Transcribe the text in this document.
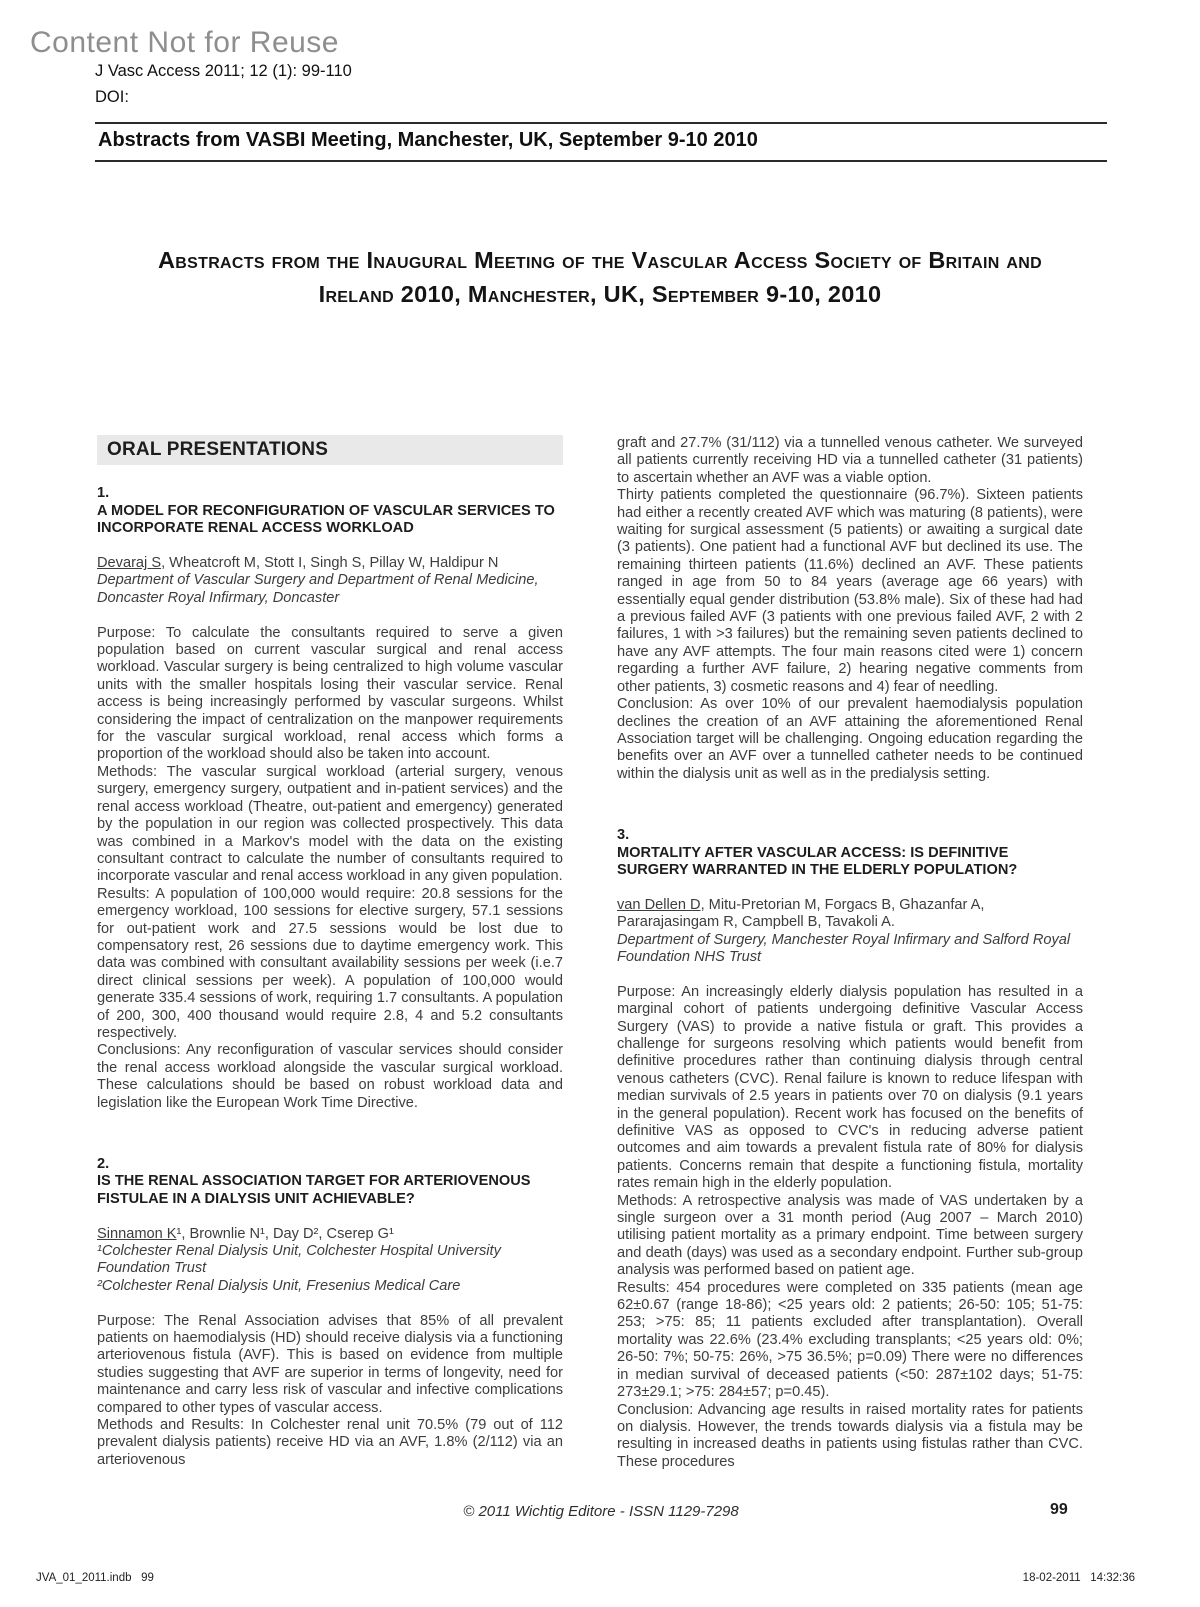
Content Not for Reuse
J Vasc Access 2011; 12 (1): 99-110
DOI:
Abstracts from VASBI Meeting, Manchester, UK, September 9-10 2010
Abstracts from the Inaugural Meeting of the Vascular Access Society of Britain and
Ireland 2010, Manchester, UK, September 9-10, 2010
ORAL PRESENTATIONS
1.
A MODEL FOR RECONFIGURATION OF VASCULAR SERVICES TO INCORPORATE RENAL ACCESS WORKLOAD
Devaraj S, Wheatcroft M, Stott I, Singh S, Pillay W, Haldipur N
Department of Vascular Surgery and Department of Renal Medicine, Doncaster Royal Infirmary, Doncaster

Purpose: To calculate the consultants required to serve a given population based on current vascular surgical and renal access workload. Vascular surgery is being centralized to high volume vascular units with the smaller hospitals losing their vascular service. Renal access is being increasingly performed by vascular surgeons. Whilst considering the impact of centralization on the manpower requirements for the vascular surgical workload, renal access which forms a proportion of the workload should also be taken into account.

Methods: The vascular surgical workload (arterial surgery, venous surgery, emergency surgery, outpatient and in-patient services) and the renal access workload (Theatre, out-patient and emergency) generated by the population in our region was collected prospectively. This data was combined in a Markov's model with the data on the existing consultant contract to calculate the number of consultants required to incorporate vascular and renal access workload in any given population.

Results: A population of 100,000 would require: 20.8 sessions for the emergency workload, 100 sessions for elective surgery, 57.1 sessions for out-patient work and 27.5 sessions would be lost due to compensatory rest, 26 sessions due to daytime emergency work. This data was combined with consultant availability sessions per week (i.e.7 direct clinical sessions per week). A population of 100,000 would generate 335.4 sessions of work, requiring 1.7 consultants. A population of 200, 300, 400 thousand would require 2.8, 4 and 5.2 consultants respectively.

Conclusions: Any reconfiguration of vascular services should consider the renal access workload alongside the vascular surgical workload. These calculations should be based on robust workload data and legislation like the European Work Time Directive.

2.
IS THE RENAL ASSOCIATION TARGET FOR ARTERIOVENOUS FISTULAE IN A DIALYSIS UNIT ACHIEVABLE?
Sinnamon K¹, Brownlie N¹, Day D², Cserep G¹
¹Colchester Renal Dialysis Unit, Colchester Hospital University Foundation Trust
²Colchester Renal Dialysis Unit, Fresenius Medical Care

Purpose: The Renal Association advises that 85% of all prevalent patients on haemodialysis (HD) should receive dialysis via a functioning arteriovenous fistula (AVF). This is based on evidence from multiple studies suggesting that AVF are superior in terms of longevity, need for maintenance and carry less risk of vascular and infective complications compared to other types of vascular access.

Methods and Results: In Colchester renal unit 70.5% (79 out of 112 prevalent dialysis patients) receive HD via an AVF, 1.8% (2/112) via an arteriovenous

graft and 27.7% (31/112) via a tunnelled venous catheter. We surveyed all patients currently receiving HD via a tunnelled catheter (31 patients) to ascertain whether an AVF was a viable option.

Thirty patients completed the questionnaire (96.7%). Sixteen patients had either a recently created AVF which was maturing (8 patients), were waiting for surgical assessment (5 patients) or awaiting a surgical date (3 patients). One patient had a functional AVF but declined its use. The remaining thirteen patients (11.6%) declined an AVF. These patients ranged in age from 50 to 84 years (average age 66 years) with essentially equal gender distribution (53.8% male). Six of these had had a previous failed AVF (3 patients with one previous failed AVF, 2 with 2 failures, 1 with >3 failures) but the remaining seven patients declined to have any AVF attempts. The four main reasons cited were 1) concern regarding a further AVF failure, 2) hearing negative comments from other patients, 3) cosmetic reasons and 4) fear of needling.

Conclusion: As over 10% of our prevalent haemodialysis population declines the creation of an AVF attaining the aforementioned Renal Association target will be challenging. Ongoing education regarding the benefits over an AVF over a tunnelled catheter needs to be continued within the dialysis unit as well as in the predialysis setting.

3.
MORTALITY AFTER VASCULAR ACCESS: IS DEFINITIVE SURGERY WARRANTED IN THE ELDERLY POPULATION?
van Dellen D, Mitu-Pretorian M, Forgacs B, Ghazanfar A, Pararajasingam R, Campbell B, Tavakoli A.
Department of Surgery, Manchester Royal Infirmary and Salford Royal Foundation NHS Trust

Purpose: An increasingly elderly dialysis population has resulted in a marginal cohort of patients undergoing definitive Vascular Access Surgery (VAS) to provide a native fistula or graft. This provides a challenge for surgeons resolving which patients would benefit from definitive procedures rather than continuing dialysis through central venous catheters (CVC). Renal failure is known to reduce lifespan with median survivals of 2.5 years in patients over 70 on dialysis (9.1 years in the general population). Recent work has focused on the benefits of definitive VAS as opposed to CVC's in reducing adverse patient outcomes and aim towards a prevalent fistula rate of 80% for dialysis patients. Concerns remain that despite a functioning fistula, mortality rates remain high in the elderly population.

Methods: A retrospective analysis was made of VAS undertaken by a single surgeon over a 31 month period (Aug 2007 – March 2010) utilising patient mortality as a primary endpoint. Time between surgery and death (days) was used as a secondary endpoint. Further sub-group analysis was performed based on patient age.

Results: 454 procedures were completed on 335 patients (mean age 62±0.67 (range 18-86); <25 years old: 2 patients; 26-50: 105; 51-75: 253; >75: 85; 11 patients excluded after transplantation). Overall mortality was 22.6% (23.4% excluding transplants; <25 years old: 0%; 26-50: 7%; 50-75: 26%, >75 36.5%; p=0.09) There were no differences in median survival of deceased patients (<50: 287±102 days; 51-75: 273±29.1; >75: 284±57; p=0.45).

Conclusion: Advancing age results in raised mortality rates for patients on dialysis. However, the trends towards dialysis via a fistula may be resulting in increased deaths in patients using fistulas rather than CVC. These procedures

© 2011 Wichtig Editore - ISSN 1129-7298	99
JVA_01_2011.indb   99	18-02-2011   14:32:36
